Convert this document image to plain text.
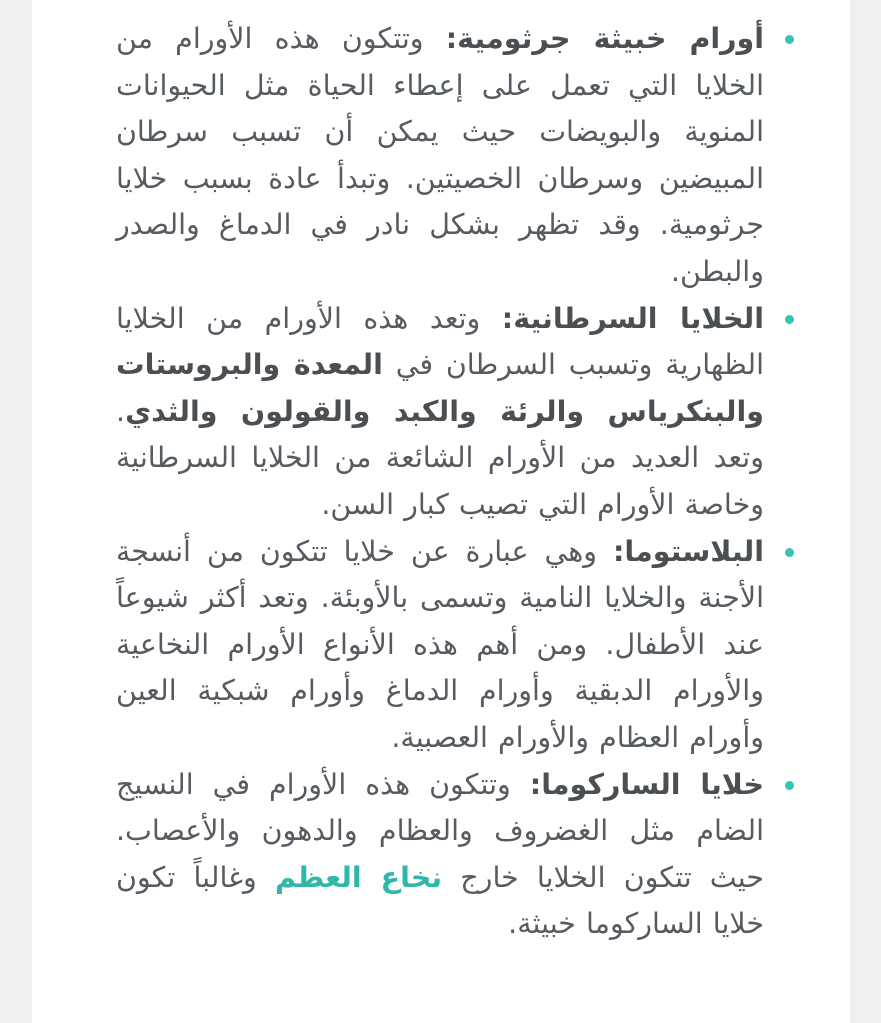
أورام خبيثة جرثومية: وتتكون هذه الأورام من الخلايا التي تعمل على إعطاء الحياة مثل الحيوانات المنوية والبويضات حيث يمكن أن تسبب سرطان المبيضين وسرطان الخصيتين. وتبدأ عادة بسبب خلايا جرثومية. وقد تظهر بشكل نادر في الدماغ والصدر والبطن.
الخلايا السرطانية: وتعد هذه الأورام من الخلايا الظهارية وتسبب السرطان في المعدة والبروستات والبنكرياس والرئة والكبد والقولون والثدي. وتعد العديد من الأورام الشائعة من الخلايا السرطانية وخاصة الأورام التي تصيب كبار السن.
البلاستوما: وهي عبارة عن خلايا تتكون من أنسجة الأجنة والخلايا النامية وتسمى بالأوبئة. وتعد أكثر شيوعاً عند الأطفال. ومن أهم هذه الأنواع الأورام النخاعية والأورام الدبقية وأورام الدماغ وأورام شبكية العين وأورام العظام والأورام العصبية.
خلايا الساركوما: وتتكون هذه الأورام في النسيج الضام مثل الغضروف والعظام والدهون والأعصاب. حيث تتكون الخلايا خارج نخاع العظم وغالباً تكون خلايا الساركوما خبيثة.
